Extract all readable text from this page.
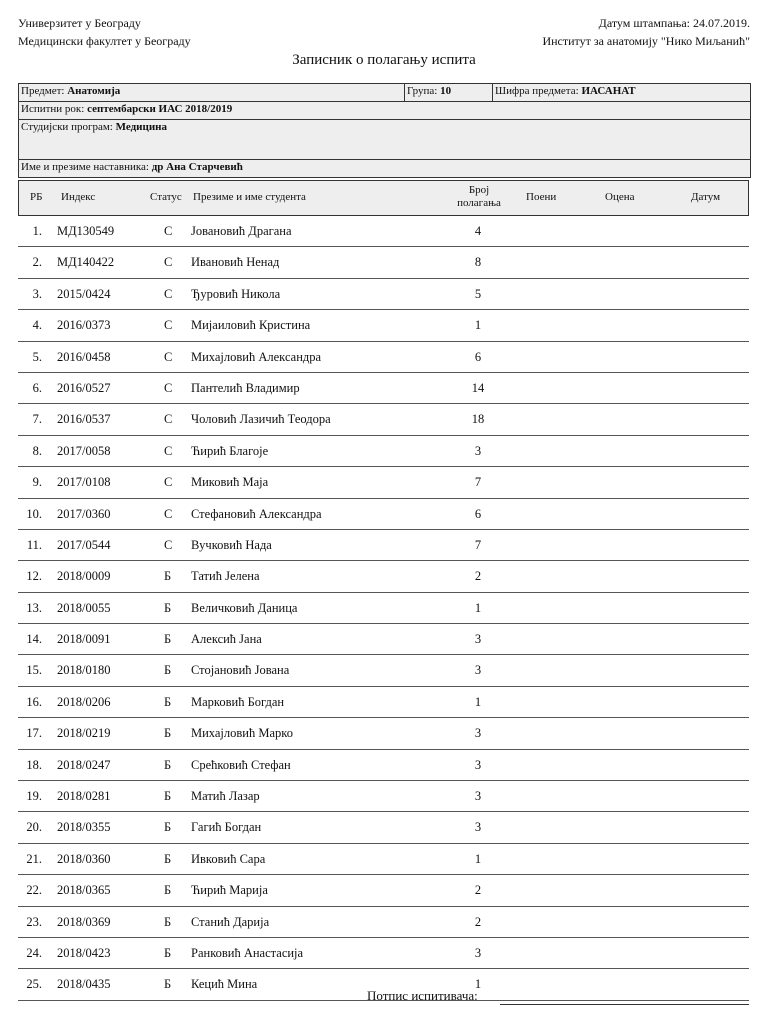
Универзитет у Београду
Медицински факултет у Београду
Датум штампања: 24.07.2019.
Институт за анатомију "Нико Миљанић"
Записник о полагању испита
Предмет: Анатомија	Група: 10	Шифра предмета: ИАСАНАТ
Испитни рок: септембарски ИАС 2018/2019
Студијски програм: Медицина
Име и презиме наставника: др Ана Старчевић
РБ Индекс	Статус Презиме и име студента
Број
полагања	Поени	Оцена	Датум
1. МД130549	С Јовановић Драгана	4
2. МД140422	С Ивановић Ненад	8
3. 2015/0424	С Ђуровић Никола	5
4. 2016/0373	С Мијаиловић Кристина	1
5. 2016/0458	С Михајловић Александра	6
6. 2016/0527	С Пантелић Владимир	14
7. 2016/0537	С Чоловић Лазичић Теодора	18
8. 2017/0058	С Ћирић Благоје	3
9. 2017/0108	С Миковић Маја	7
10. 2017/0360	С Стефановић Александра	6
11. 2017/0544	С Вучковић Нада	7
12. 2018/0009	Б Татић Јелена	2
13. 2018/0055	Б Величковић Даница	1
14. 2018/0091	Б Алексић Јана	3
15. 2018/0180	Б Стојановић Јована	3
16. 2018/0206	Б Марковић Богдан	1
17. 2018/0219	Б Михајловић Марко	3
18. 2018/0247	Б Срећковић Стефан	3
19. 2018/0281	Б Матић Лазар	3
20. 2018/0355	Б Гагић Богдан	3
21. 2018/0360	Б Ивковић Сара	1
22. 2018/0365	Б Ћирић Марија	2
23. 2018/0369	Б Станић Дарија	2
24. 2018/0423	Б Ранковић Анастасија	3
25. 2018/0435	Б Кецић Мина	1
Потпис испитивача:
